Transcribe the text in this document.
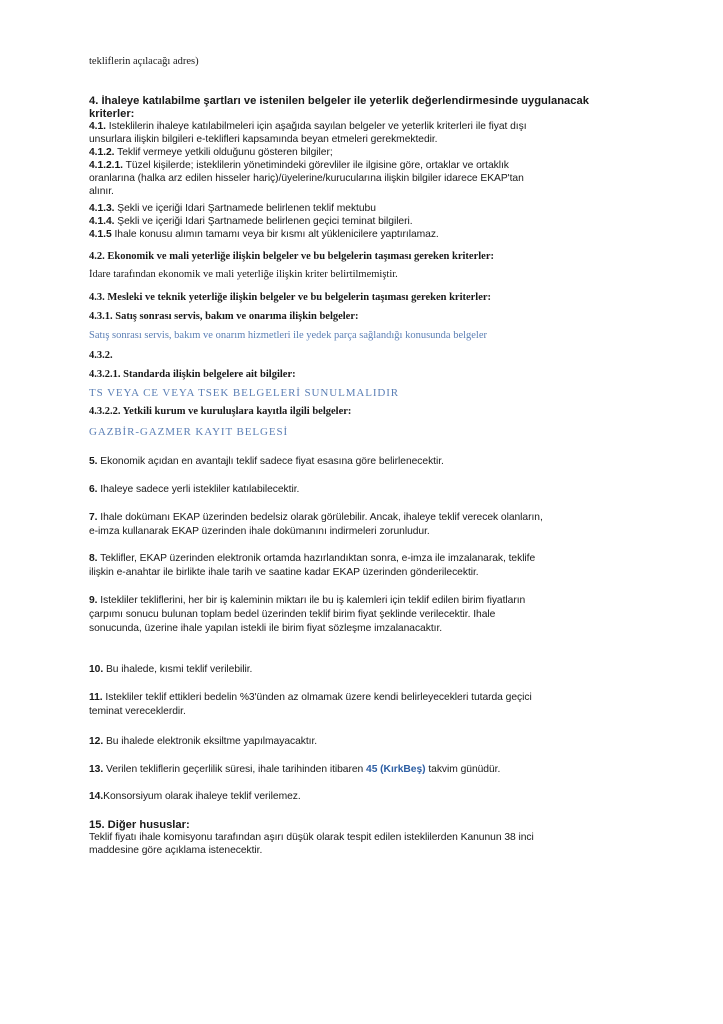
tekliflerin açılacağı adres)
4. İhaleye katılabilme şartları ve istenilen belgeler ile yeterlik değerlendirmesinde uygulanacak
kriterler:
4.1. İsteklilerin ihaleye katılabilmeleri için aşağıda sayılan belgeler ve yeterlik kriterleri ile fiyat dışı
unsurlara ilişkin bilgileri e-teklifleri kapsamında beyan etmeleri gerekmektedir.
4.1.2. Teklif vermeye yetkili olduğunu gösteren bilgiler;
4.1.2.1. Tüzel kişilerde; isteklilerin yönetimindeki görevliler ile ilgisine göre, ortaklar ve ortaklık
oranlarına (halka arz edilen hisseler hariç)/üyelerine/kurucularına ilişkin bilgiler idarece EKAP'tan
alınır.
4.1.3. Şekli ve içeriği İdari Şartnamede belirlenen teklif mektubu
4.1.4. Şekli ve içeriği İdari Şartnamede belirlenen geçici teminat bilgileri.
4.1.5 İhale konusu alımın tamamı veya bir kısmı alt yüklenicilere yaptırılamaz.
4.2. Ekonomik ve mali yeterliğe ilişkin belgeler ve bu belgelerin taşıması gereken kriterler:
İdare tarafından ekonomik ve mali yeterliğe ilişkin kriter belirtilmemiştir.
4.3. Mesleki ve teknik yeterliğe ilişkin belgeler ve bu belgelerin taşıması gereken kriterler:
4.3.1. Satış sonrası servis, bakım ve onarıma ilişkin belgeler:
Satış sonrası servis, bakım ve onarım hizmetleri ile yedek parça sağlandığı konusunda belgeler
4.3.2.
4.3.2.1. Standarda ilişkin belgelere ait bilgiler:
TS VEYA CE VEYA TSEK BELGELERİ SUNULMALIDIR
4.3.2.2. Yetkili kurum ve kuruluşlara kayıtla ilgili belgeler:
GAZBİR-GAZMER KAYIT BELGESİ
5. Ekonomik açıdan en avantajlı teklif sadece fiyat esasına göre belirlenecektir.
6. İhaleye sadece yerli istekliler katılabilecektir.
7. İhale dokümanı EKAP üzerinden bedelsiz olarak görülebilir. Ancak, ihaleye teklif verecek olanların,
e-imza kullanarak EKAP üzerinden ihale dokümanını indirmeleri zorunludur.
8. Teklifler, EKAP üzerinden elektronik ortamda hazırlandıktan sonra, e-imza ile imzalanarak, teklife
ilişkin e-anahtar ile birlikte ihale tarih ve saatine kadar EKAP üzerinden gönderilecektir.
9. İstekliler tekliflerini, her bir iş kaleminin miktarı ile bu iş kalemleri için teklif edilen birim fiyatların
çarpımı sonucu bulunan toplam bedel üzerinden teklif birim fiyat şeklinde verilecektir. İhale
sonucunda, üzerine ihale yapılan istekli ile birim fiyat sözleşme imzalanacaktır.
10. Bu ihalede, kısmi teklif verilebilir.
11. İstekliler teklif ettikleri bedelin %3'ünden az olmamak üzere kendi belirleyecekleri tutarda geçici
teminat vereceklerdir.
12. Bu ihalede elektronik eksiltme yapılmayacaktır.
13. Verilen tekliflerin geçerlilik süresi, ihale tarihinden itibaren 45 (KırkBeş) takvim günüdür.
14.Konsorsiyum olarak ihaleye teklif verilemez.
15. Diğer hususlar:
Teklif fiyatı ihale komisyonu tarafından aşırı düşük olarak tespit edilen isteklilerden Kanunun 38 inci
maddesine göre açıklama istenecektir.
